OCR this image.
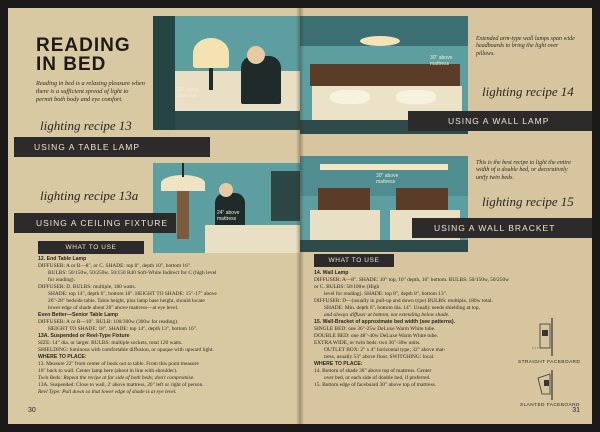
READING
IN BED
Reading in bed is a relaxing pleasure when there is a sufficient spread of light to permit both body and eye comfort.
20" above mattress
lighting recipe 13
USING A TABLE LAMP
24" above mattress
lighting recipe 13a
USING A CEILING FIXTURE
WHAT TO USE

12. End Table Lamp

DIFFUSER: A or B—8", or C. SHADE: top 8", depth 10", bottom 16".

BULBS: 50/150w, 50/250w. 50/150 R40 Soft-White Indirect for C (high level

for reading).

DIFFUSER: D. BULBS: multiple, 180 watts.

SHADE: top 14", depth 6", bottom 16". HEIGHT TO SHADE: 15"-17" above

26"-28" bedside table. Table height, plus lamp base height, should locate

lower edge of shade about 20" above mattress—at eye level.

Even Better—Senior Table Lamp

DIFFUSER: A or B—10". BULB: 100/300w (300w for reading).

HEIGHT TO SHADE: 18". SHADE: top 14", depth 13", bottom 16".

13A. Suspended or Reel-Type Fixture

SIZE: 14" dia. or larger. BULBS: multiple sockets, total 120 watts.

SHIELDING: luminous with comfortable diffusion, or opaque with upward light.

WHERE TO PLACE:

13. Measure 22" from center of book out to table. From this point measure

16" back to wall. Center lamp here (about in line with shoulder).

Twin Beds: Repeat the recipe at far side of both beds; don't compromise.

13A. Suspended: Close to wall, 2' above mattress, 20" left or right of person.

Reel Type: Pull down so that lower edge of shade is at eye level.

30
30" above mattress
Extended arm-type wall lamps span wide headboards to bring the light over pillows.
lighting recipe 14
USING A WALL LAMP
30" above mattress
This is the best recipe to light the entire width of a double bed, or decoratively unify twin beds.
lighting recipe 15
USING A WALL BRACKET
WHAT TO USE

14. Wall Lamp

DIFFUSER: A—8". SHADE: 10" top, 10" depth, 16" bottom. BULBS: 50/150w, 50/250w or C. BULBS: 50/100w (High

level for reading). SHADE: top 8", depth 8", bottom 13".

DIFFUSER: D—(usually in pull-up and down type) BULBS: multiple, 180w total.

SHADE: Min. depth 6", bottom dia. 14". Usually needs shielding at top,

and always diffuser at bottom, not extending below shade.

15. Wall-Bracket of approximate bed width (see patterns).

SINGLE BED: one 36"-25w DeLuxe Warm White tube.

DOUBLE BED: one 48"-40w DeLuxe Warm White tube.

EXTRA WIDE, or twin beds: two 36"-30w units.

OUTLET BOX: 2" x 4" horizontal type; 32" above mat-

tress, usually 53" above floor. SWITCHING: local.

WHERE TO PLACE:

14. Bottom of shade 30" above top of mattress. Center

over bed, or each side of double bed, if preferred.

15. Bottom edge of faceboard 30" above top of mattress.

STRAIGHT FACEBOARD
SLANTED FACEBOARD
31
